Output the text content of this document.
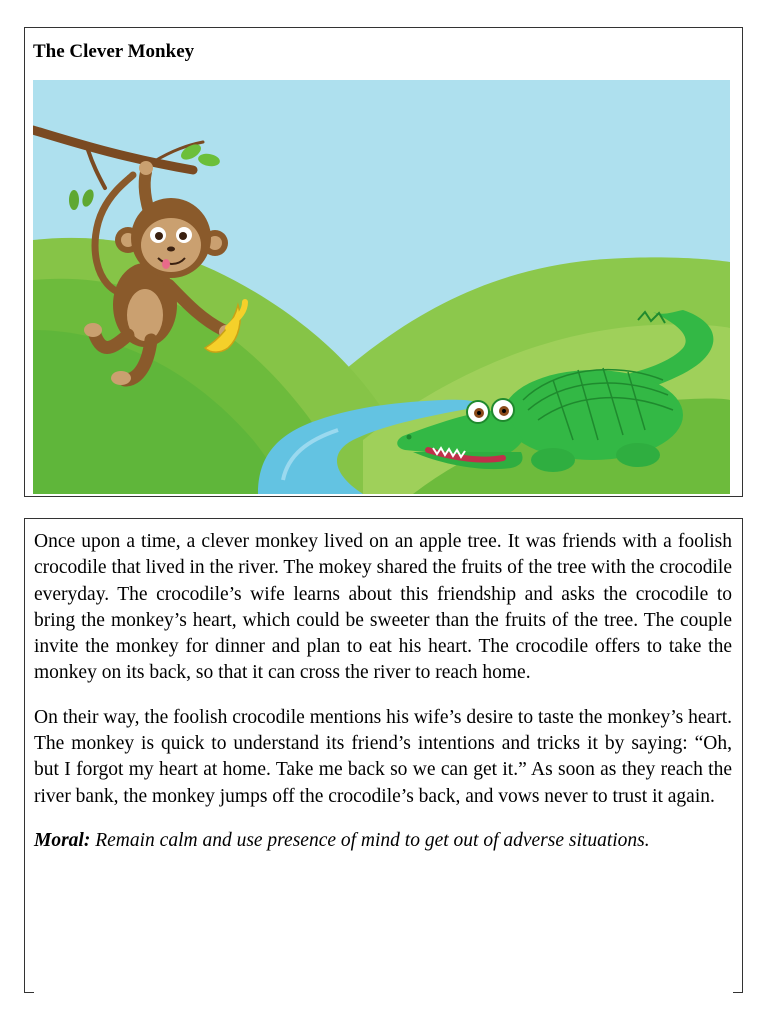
The Clever Monkey

Once upon a time, a clever monkey lived on an apple tree. It was friends with a foolish crocodile that lived in the river. The mokey shared the fruits of the tree with the crocodile everyday. The crocodile’s wife learns about this friendship and asks the crocodile to bring the monkey’s heart, which could be sweeter than the fruits of the tree. The couple invite the monkey for dinner and plan to eat his heart. The crocodile offers to take the monkey on its back, so that it can cross the river to reach home.

On their way, the foolish crocodile mentions his wife’s desire to taste the monkey’s heart. The monkey is quick to understand its friend’s intentions and tricks it by saying: “Oh, but I forgot my heart at home. Take me back so we can get it.” As soon as they reach the river bank, the monkey jumps off the crocodile’s back, and vows never to trust it again.

Moral: Remain calm and use presence of mind to get out of adverse situations.
